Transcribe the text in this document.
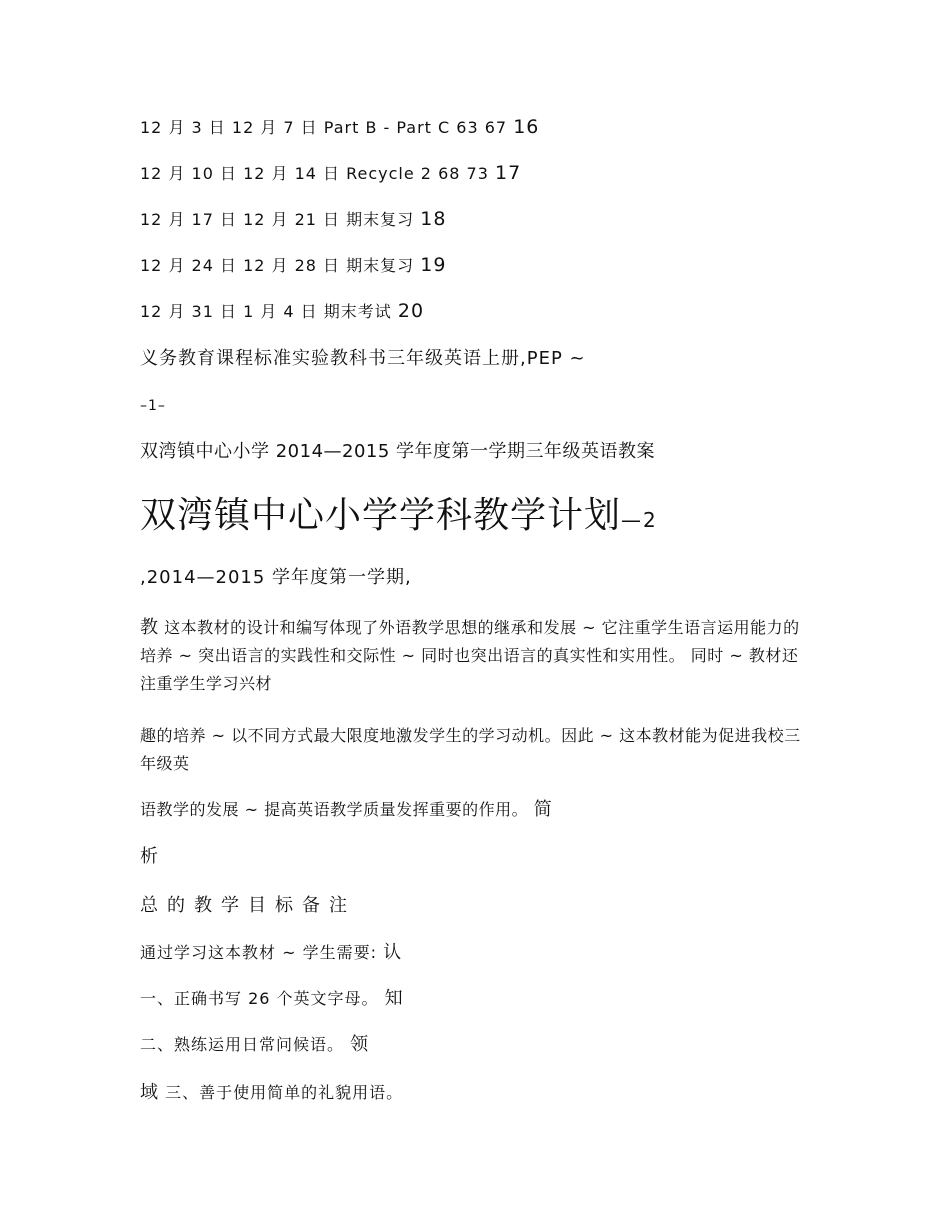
12 月 3 日 12 月 7 日 Part B - Part C 63 67 16
12 月 10 日 12 月 14 日 Recycle 2 68 73 17
12 月 17 日 12 月 21 日 期末复习 18
12 月 24 日 12 月 28 日 期末复习 19
12 月 31 日 1 月 4 日 期末考试 20
义务教育课程标准实验教科书三年级英语上册,PEP ~
–1–
双湾镇中心小学 2014—2015 学年度第一学期三年级英语教案
双湾镇中心小学学科教学计划—2
,2014—2015 学年度第一学期,
教 这本教材的设计和编写体现了外语教学思想的继承和发展 ~ 它注重学生语言运用能力的培养 ~ 突出语言的实践性和交际性 ~ 同时也突出语言的真实性和实用性。 同时 ~ 教材还注重学生学习兴材
趣的培养 ~ 以不同方式最大限度地激发学生的学习动机。因此 ~ 这本教材能为促进我校三年级英
语教学的发展 ~ 提高英语教学质量发挥重要的作用。 简
析
总的教学目标备注
通过学习这本教材 ~ 学生需要: 认
一、正确书写 26 个英文字母。 知
二、熟练运用日常问候语。 领
域 三、善于使用简单的礼貌用语。
